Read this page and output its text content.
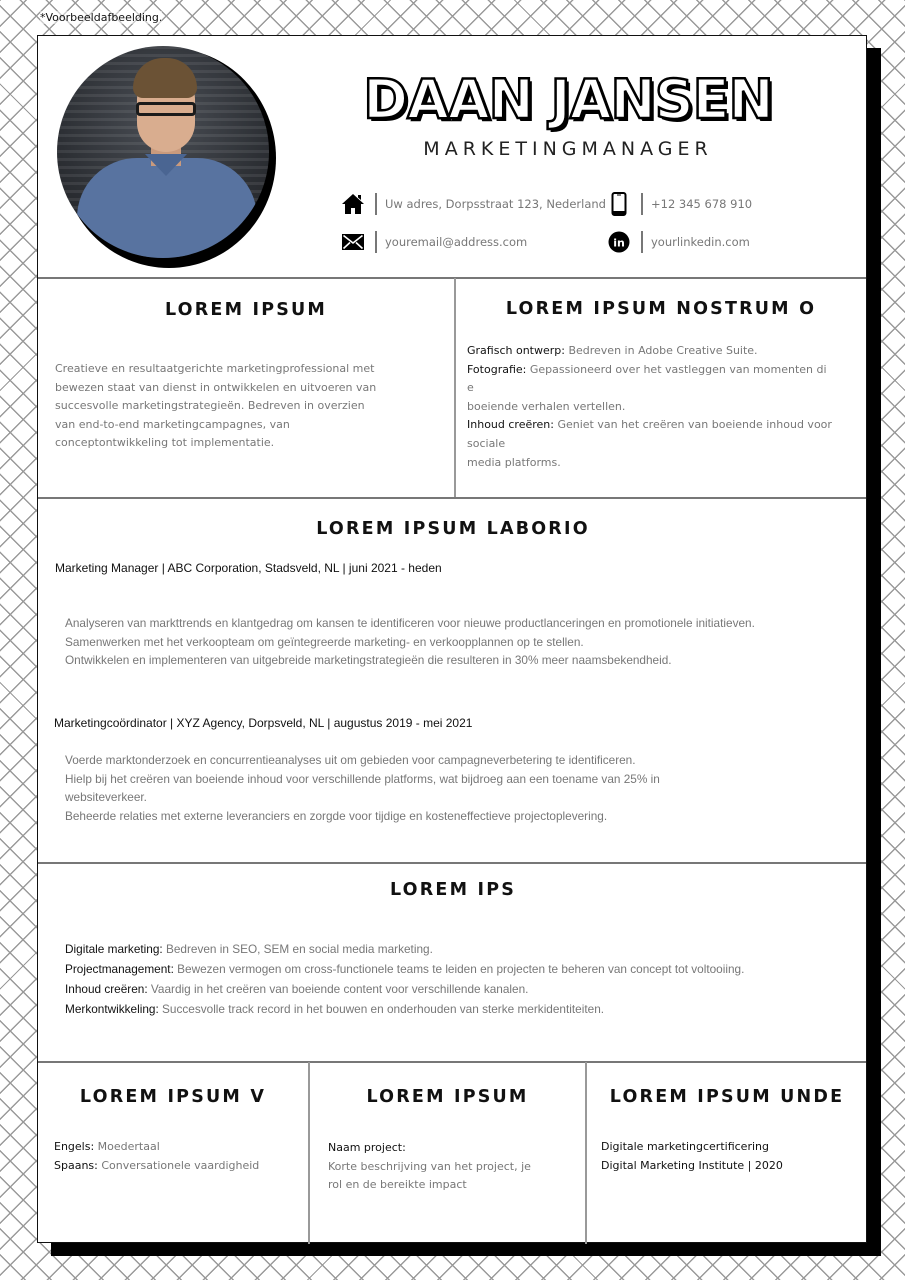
*Voorbeeldafbeelding.
DAAN JANSEN
MARKETINGMANAGER
Uw adres, Dorpsstraat 123, Nederland	+12 345 678 910
youremail@address.com	in yourlinkedin.com
LOREM IPSUM
Creatieve en resultaatgerichte marketingprofessional met
bewezen staat van dienst in ontwikkelen en uitvoeren van
succesvolle marketingstrategieën. Bedreven in overzien
van end-to-end marketingcampagnes, van
conceptontwikkeling tot implementatie.
LOREM IPSUM NOSTRUM O
Grafisch ontwerp: Bedreven in Adobe Creative Suite.
Fotografie: Gepassioneerd over het vastleggen van momenten di
e
boeiende verhalen vertellen.
Inhoud creëren: Geniet van het creëren van boeiende inhoud voor
sociale
media platforms.
LOREM IPSUM LABORIO
Marketing Manager | ABC Corporation, Stadsveld, NL | juni 2021 - heden
Analyseren van markttrends en klantgedrag om kansen te identificeren voor nieuwe productlanceringen en promotionele initiatieven.
Samenwerken met het verkoopteam om geïntegreerde marketing- en verkoopplannen op te stellen.
Ontwikkelen en implementeren van uitgebreide marketingstrategieën die resulteren in 30% meer naamsbekendheid.
Marketingcoördinator | XYZ Agency, Dorpsveld, NL | augustus 2019 - mei 2021
Voerde marktonderzoek en concurrentieanalyses uit om gebieden voor campagneverbetering te identificeren.
Hielp bij het creëren van boeiende inhoud voor verschillende platforms, wat bijdroeg aan een toename van 25% in
websiteverkeer.
Beheerde relaties met externe leveranciers en zorgde voor tijdige en kosteneffectieve projectoplevering.
LOREM IPS
Digitale marketing: Bedreven in SEO, SEM en social media marketing.
Projectmanagement: Bewezen vermogen om cross-functionele teams te leiden en projecten te beheren van concept tot voltooiing.
Inhoud creëren: Vaardig in het creëren van boeiende content voor verschillende kanalen.
Merkontwikkeling: Succesvolle track record in het bouwen en onderhouden van sterke merkidentiteiten.
LOREM IPSUM V
Engels: Moedertaal
Spaans: Conversationele vaardigheid
LOREM IPSUM
Naam project:
Korte beschrijving van het project, je
rol en de bereikte impact
LOREM IPSUM UNDE
Digitale marketingcertificering
Digital Marketing Institute | 2020
